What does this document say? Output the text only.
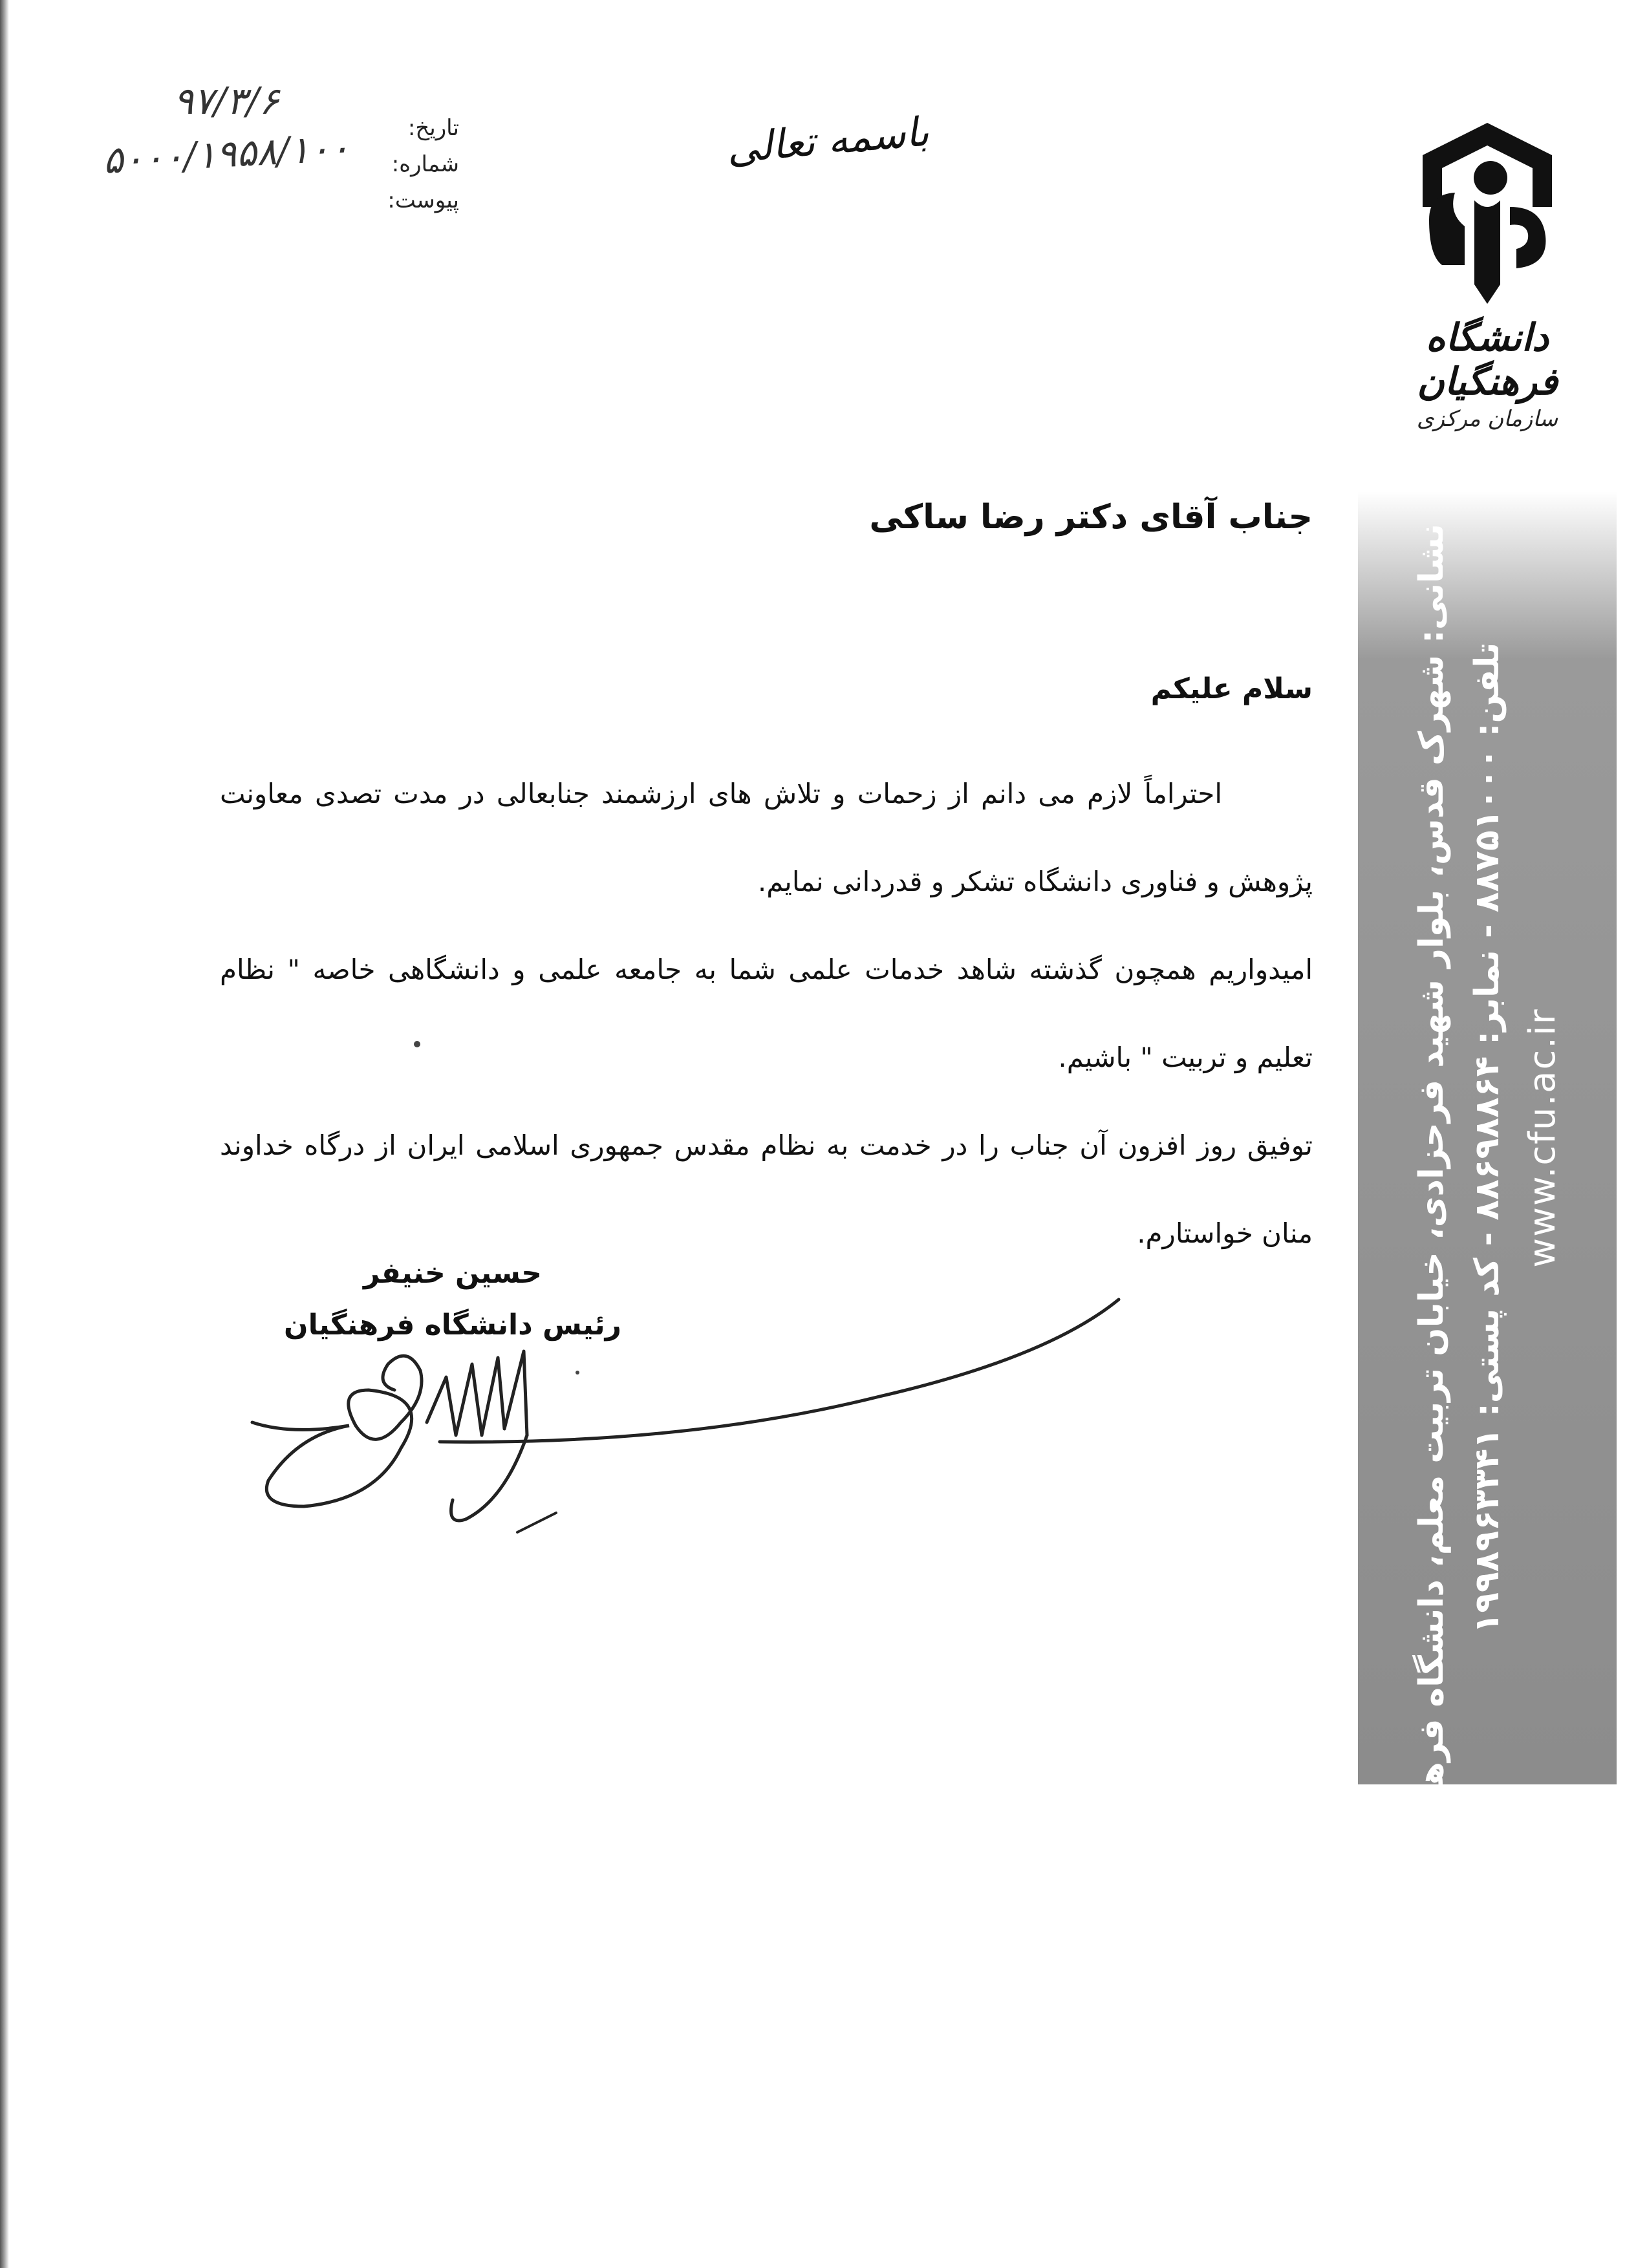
تاریخ:
شماره:
پیوست:
۹۷/۳/۶
۵۰۰۰/۱۹۵۸/۱۰۰	باسمه تعالی
دانشگاه فرهنگیان
سازمان مرکزی
نشانی: شهرک قدس، بلوار شهید فرحزادی، خیابان تربیت معلم، دانشگاه فرهنگیان تلفن: ۸۸۷۵۱۰۰۰ - نمابر: ۸۸۶۹۸۸۶۴ - کد پستی: ۱۹۹۸۹۶۳۳۴۱
www.cfu.ac.ir
جناب آقای دکتر رضا ساکی
سلام علیکم

احتراماً لازم می دانم از زحمات و تلاش های ارزشمند جنابعالی در مدت تصدی معاونت پژوهش و فناوری دانشگاه تشکر و قدردانی نمایم.

امیدواریم همچون گذشته شاهد خدمات علمی شما به جامعه علمی و دانشگاهی خاصه " نظام تعلیم و تربیت " باشیم.

توفیق روز افزون آن جناب را در خدمت به نظام مقدس جمهوری اسلامی ایران از درگاه خداوند منان خواستارم.

حسین خنیفر
رئیس دانشگاه فرهنگیان
